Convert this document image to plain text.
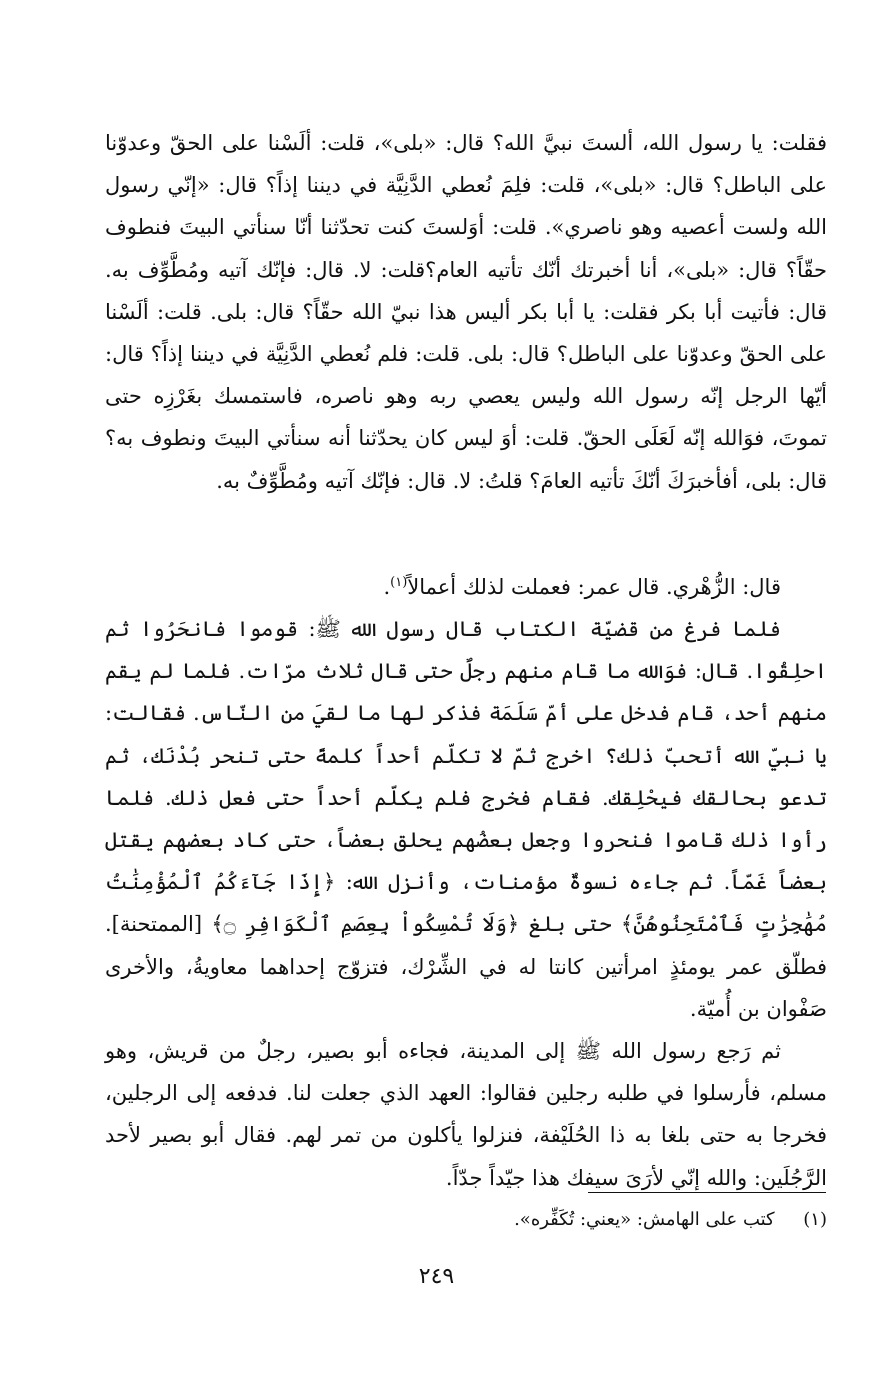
فقلت: يا رسول الله، ألستَ نبيَّ الله؟ قال: «بلى»، قلت: ألَسْنا على الحقّ وعدوّنا على الباطل؟ قال: «بلى»، قلت: فلِمَ نُعطي الدَّنِيَّة في ديننا إذاً؟ قال: «إنّي رسول الله ولست أعصيه وهو ناصري». قلت: أوَلستَ كنت تحدّثنا أنّا سنأتي البيتَ فنطوف حقّاً؟ قال: «بلى»، أنا أخبرتك أنّك تأتيه العام؟قلت: لا. قال: فإنّك آتيه ومُطَّوِّف به. قال: فأتيت أبا بكر فقلت: يا أبا بكر أليس هذا نبيّ الله حقّاً؟ قال: بلى. قلت: ألَسْنا على الحقّ وعدوّنا على الباطل؟ قال: بلى. قلت: فلم نُعطي الدَّنِيَّة في ديننا إذاً؟ قال: أيّها الرجل إنّه رسول الله وليس يعصي ربه وهو ناصره، فاستمسك بغَرْزِه حتى تموتَ، فوَالله إنّه لَعَلَى الحقّ. قلت: أوَ ليس كان يحدّثنا أنه سنأتي البيتَ ونطوف به؟ قال: بلى، أفأخبرَكَ أنّكَ تأتيه العامَ؟ قلتُ: لا. قال: فإنّك آتيه ومُطَّوِّفٌ به.

قال: الزُّهْري. قال عمر: فعملت لذلك أعمالاً$^{(١)}$.

فلما فرغ من قضيّة الكتاب قال رسول الله ﷺ: قوموا فانحَرُوا ثم احلِقُوا. قال: فوَالله ما قام منهم رجلٌ حتى قال ثلاث مرّات. فلما لم يقم منهم أحد، قام فدخل على أمّ سَلَمَة فذكر لها ما لقيَ من النّاس. فقالت: يا نبيّ الله أتحبّ ذلك؟ اخرج ثمّ لا تكلّم أحداً كلمةً حتى تنحر بُدْنَك، ثم تدعو بحالقك فيحْلِقك. فقام فخرج فلم يكلّم أحداً حتى فعل ذلك. فلما رأوا ذلك قاموا فنحروا وجعل بعضُهم يحلق بعضاً، حتى كاد بعضهم يقتل بعضاً غَمّاً. ثم جاءه نسوةٌ مؤمنات، وأنزل الله: ﴿إِذَا جَآءَكُمُ ٱلْمُؤْمِنَٰتُ مُهَٰجِرَٰتٍ فَٱمْتَحِنُوهُنَّ﴾ حتى بلغ ﴿وَلَا تُمْسِكُواْ بِعِصَمِ ٱلْكَوَافِرِ ۝﴾ [الممتحنة]. فطلّق عمر يومئذٍ امرأتين كانتا له في الشِّرْك، فتزوّج إحداهما معاويةُ، والأخرى صَفْوان بن أُميّة.

ثم رَجع رسول الله ﷺ إلى المدينة، فجاءه أبو بصير، رجلٌ من قريش، وهو مسلم، فأرسلوا في طلبه رجلين فقالوا: العهد الذي جعلت لنا. فدفعه إلى الرجلين، فخرجا به حتى بلغا به ذا الحُلَيْفة، فنزلوا يأكلون من تمر لهم. فقال أبو بصير لأحد الرَّجُلَين: والله إنّي لأرَىَ سيفك هذا جيّداً جدّاً.

(١)     كتب على الهامش: «يعني: تُكَفِّره».
٢٤٩
